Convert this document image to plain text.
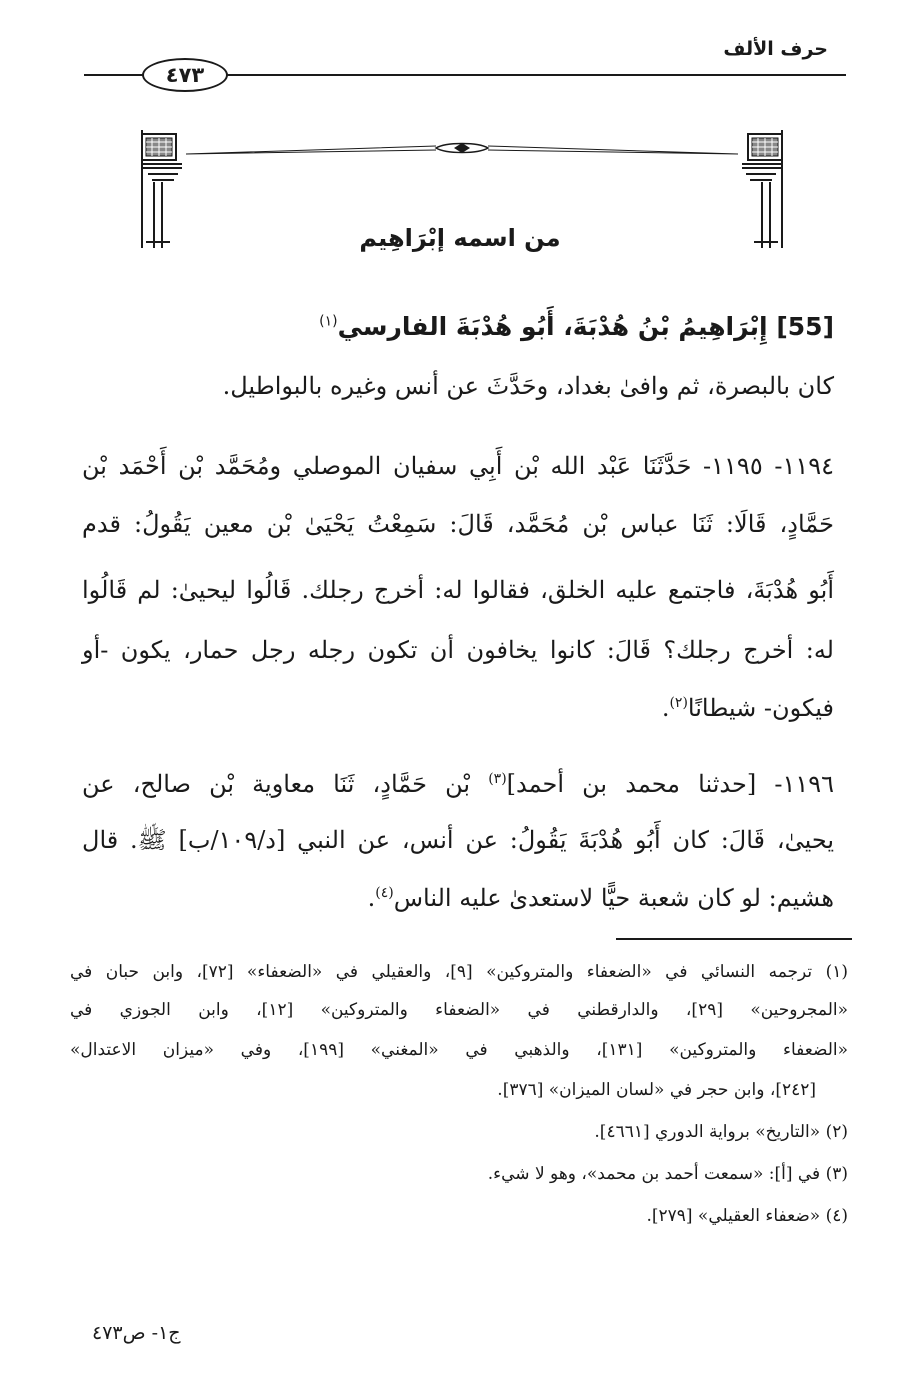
حرف الألف
٤٧٣
من اسمه إبْرَاهِيم
[55] إِبْرَاهِيمُ بْنُ هُدْبَةَ، أَبُو هُدْبَةَ الفارسي$^{(١)}$
كان بالبصرة، ثم وافىٰ بغداد، وحَدَّثَ عن أنس وغيره بالبواطيل.
١١٩٤- ١١٩٥- حَدَّثَنَا عَبْد الله بْن أَبِي سفيان الموصلي ومُحَمَّد بْن أَحْمَد بْن
حَمَّادٍ، قَالَا: ثَنَا عباس بْن مُحَمَّد، قَالَ: سَمِعْتُ يَحْيَىٰ بْن معين يَقُولُ: قدم
أَبُو هُدْبَةَ، فاجتمع عليه الخلق، فقالوا له: أخرج رجلك. قَالُوا ليحيىٰ: لم قَالُوا
له: أخرج رجلك؟ قَالَ: كانوا يخافون أن تكون رجله رجل حمار، يكون -أو
فيكون- شيطانًا$^{(٢)}$.
١١٩٦- [حدثنا محمد بن أحمد]$^{(٣)}$ بْن حَمَّادٍ، ثَنَا معاوية بْن صالح، عن
يحيىٰ، قَالَ: كان أَبُو هُدْبَةَ يَقُولُ: عن أنس، عن النبي [د/١٠٩/ب] ﷺ. قال
هشيم: لو كان شعبة حيًّا لاستعدىٰ عليه الناس$^{(٤)}$.
(١) ترجمه النسائي في «الضعفاء والمتروكين» [٩]، والعقيلي في «الضعفاء» [٧٢]، وابن حبان في
«المجروحين» [٢٩]، والدارقطني في «الضعفاء والمتروكين» [١٢]، وابن الجوزي في
«الضعفاء والمتروكين» [١٣١]، والذهبي في «المغني» [١٩٩]، وفي «ميزان الاعتدال»
[٢٤٢]، وابن حجر في «لسان الميزان» [٣٧٦].
(٢) «التاريخ» برواية الدوري [٤٦٦١].
(٣) في [أ]: «سمعت أحمد بن محمد»، وهو لا شيء.
(٤) «ضعفاء العقيلي» [٢٧٩].
ج١- ص٤٧٣
